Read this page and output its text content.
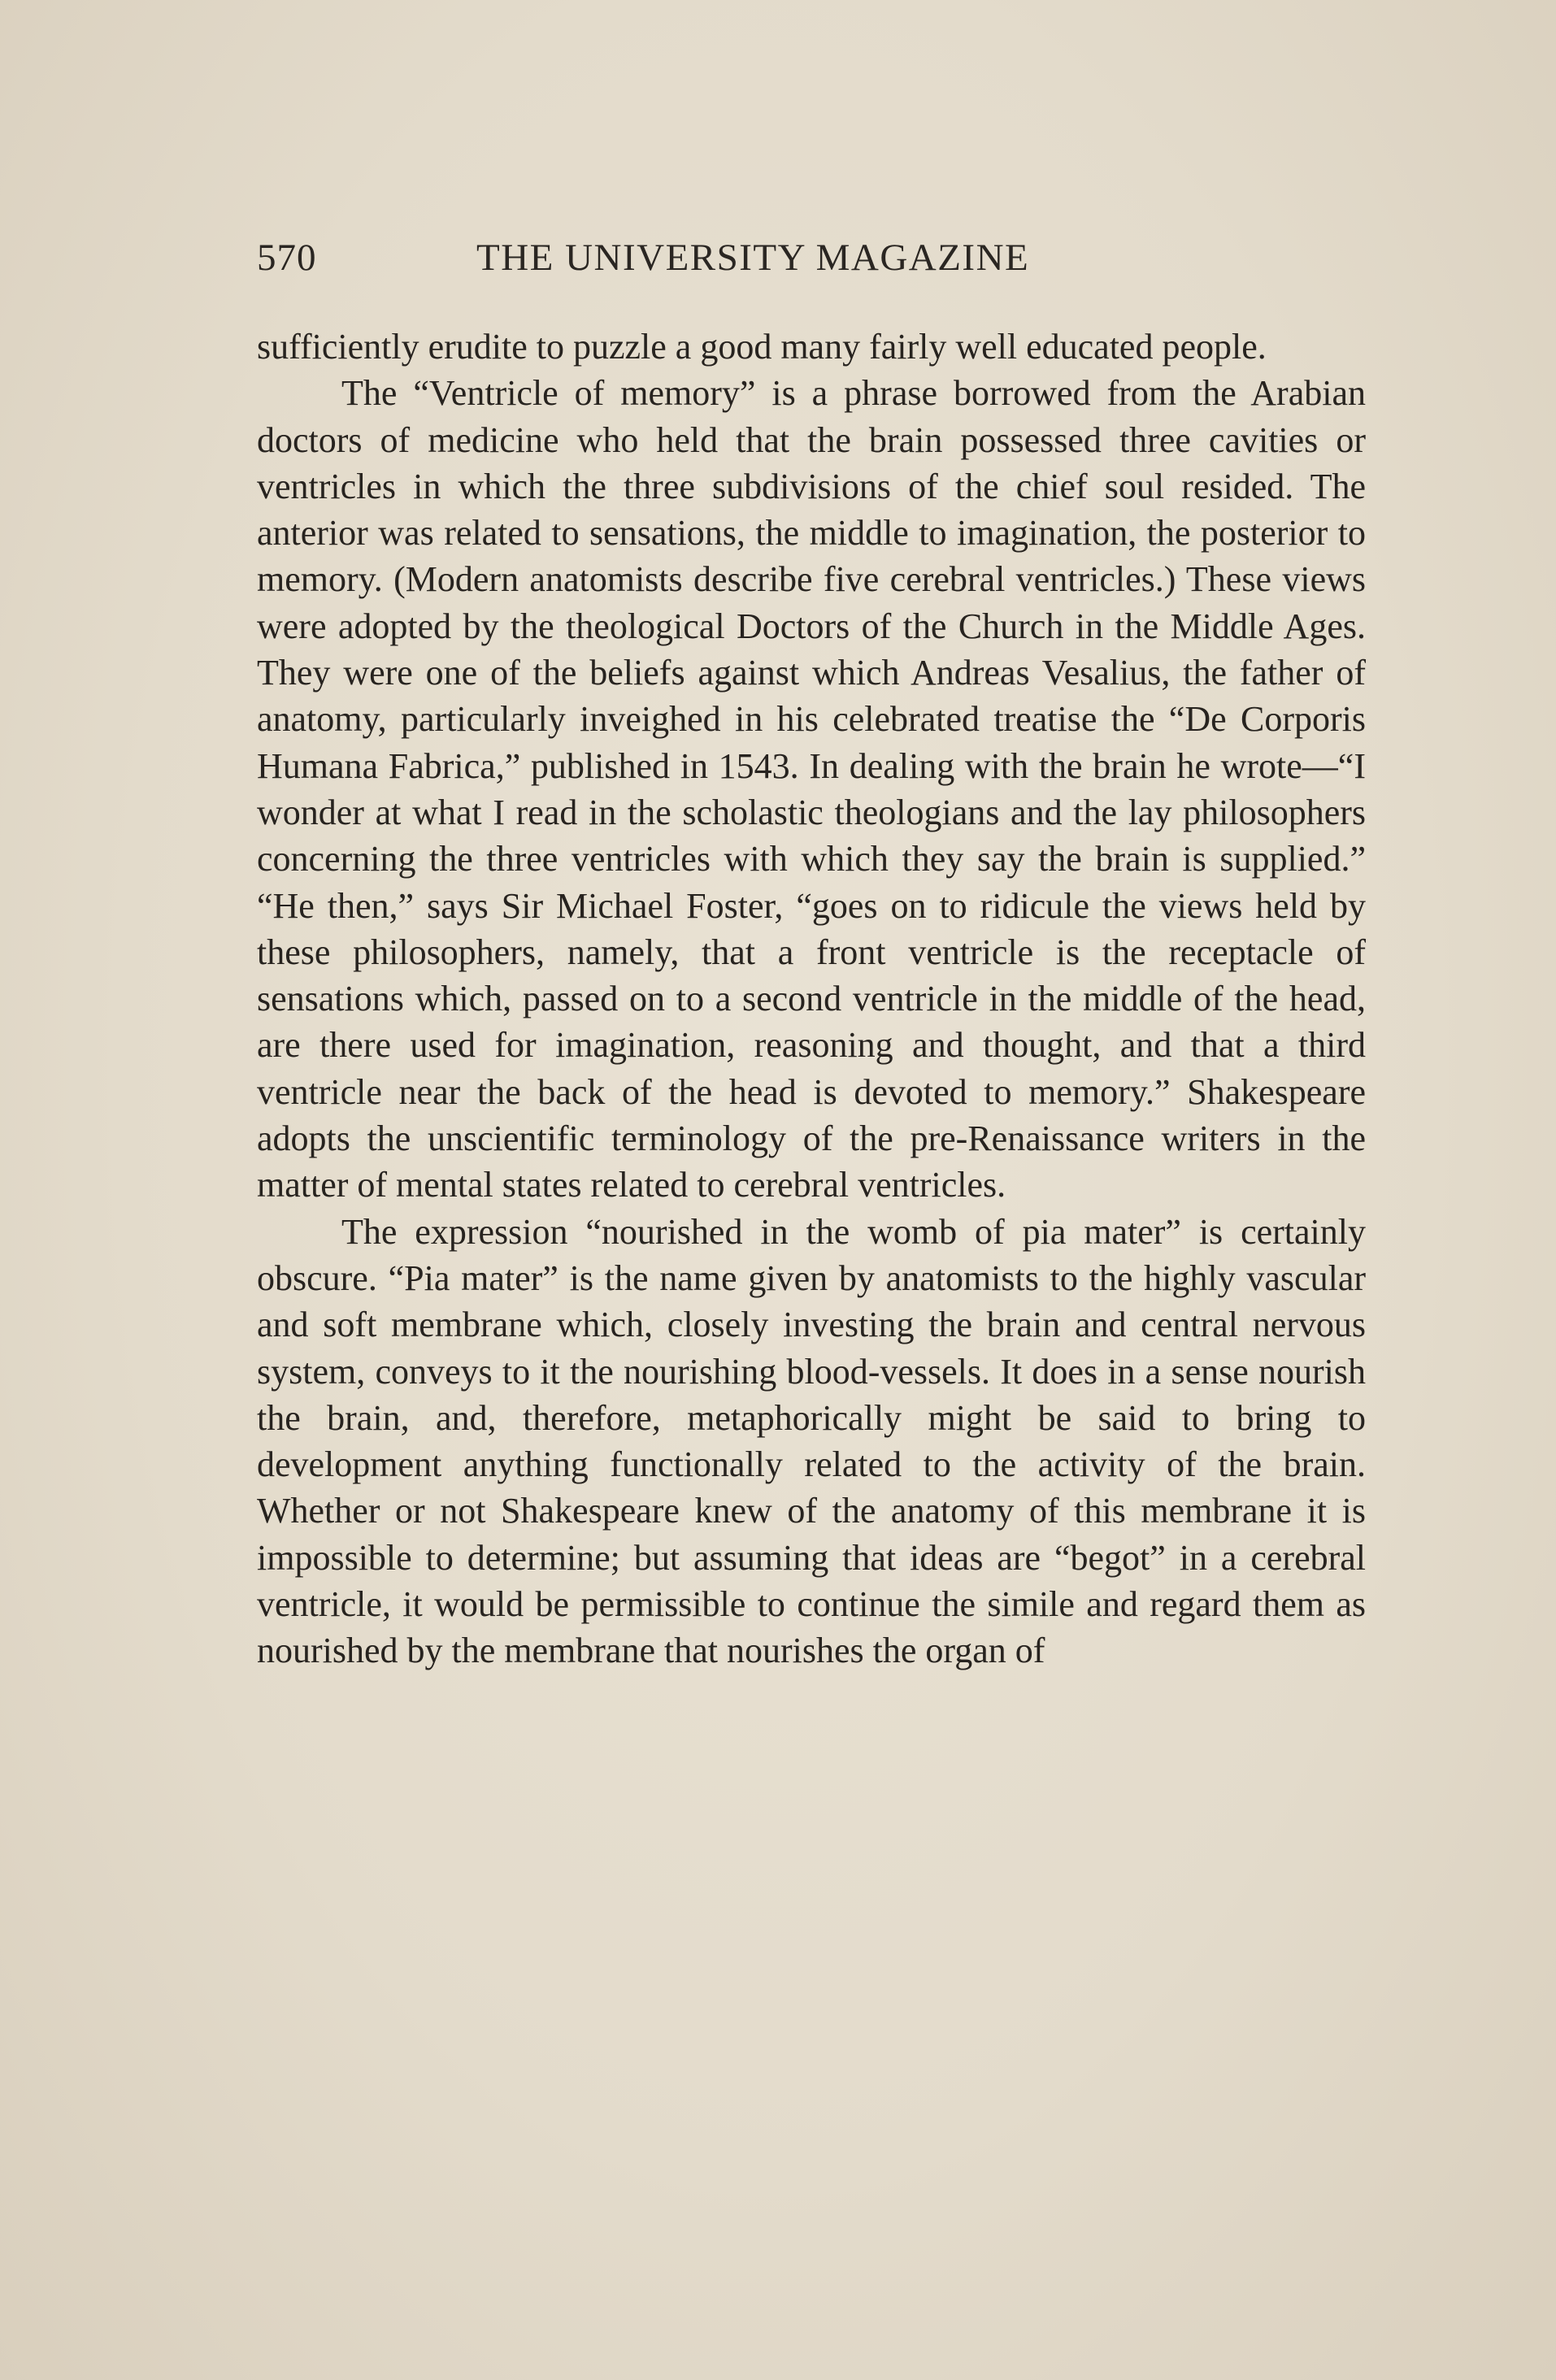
570	THE UNIVERSITY MAGAZINE

sufficiently erudite to puzzle a good many fairly well educated people.

The “Ventricle of memory” is a phrase borrowed from the Arabian doctors of medicine who held that the brain possessed three cavities or ventricles in which the three subdivisions of the chief soul resided. The anterior was related to sensations, the middle to imagination, the posterior to memory. (Modern anatomists describe five cerebral ventricles.) These views were adopted by the theological Doctors of the Church in the Middle Ages. They were one of the beliefs against which Andreas Vesalius, the father of anatomy, particularly inveighed in his celebrated treatise the “De Corporis Humana Fabrica,” published in 1543. In dealing with the brain he wrote—“I wonder at what I read in the scholastic theologians and the lay philosophers concerning the three ventricles with which they say the brain is supplied.” “He then,” says Sir Michael Foster, “goes on to ridicule the views held by these philosophers, namely, that a front ventricle is the receptacle of sensations which, passed on to a second ventricle in the middle of the head, are there used for imagination, reasoning and thought, and that a third ventricle near the back of the head is devoted to memory.” Shakespeare adopts the unscientific terminology of the pre-Renaissance writers in the matter of mental states related to cerebral ventricles.

The expression “nourished in the womb of pia mater” is certainly obscure. “Pia mater” is the name given by anatomists to the highly vascular and soft membrane which, closely investing the brain and central nervous system, conveys to it the nourishing blood-vessels. It does in a sense nourish the brain, and, therefore, metaphorically might be said to bring to development anything functionally related to the activity of the brain. Whether or not Shakespeare knew of the anatomy of this membrane it is impossible to determine; but assuming that ideas are “begot” in a cerebral ventricle, it would be permissible to continue the simile and regard them as nourished by the membrane that nourishes the organ of
